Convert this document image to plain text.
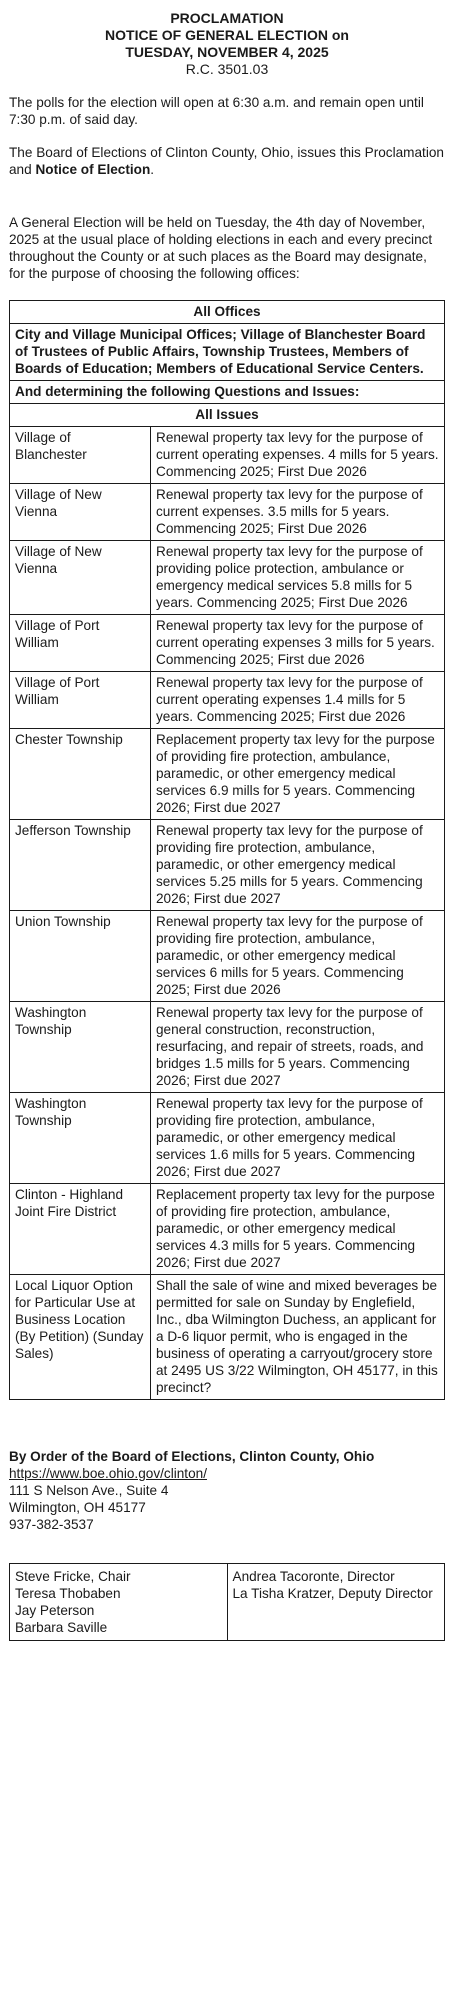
PROCLAMATION
NOTICE OF GENERAL ELECTION on
TUESDAY, NOVEMBER 4, 2025
R.C. 3501.03

The polls for the election will open at 6:30 a.m. and remain open until 7:30 p.m. of said day.

The Board of Elections of Clinton County, Ohio, issues this Proclamation and Notice of Election.

A General Election will be held on Tuesday, the 4th day of November, 2025 at the usual place of holding elections in each and every precinct throughout the County or at such places as the Board may designate, for the purpose of choosing the following offices:

All Offices	
City and Village Municipal Offices; Village of Blanchester Board of Trustees of Public Affairs, Township Trustees, Members of Boards of Education; Members of Educational Service Centers.	
And determining the following Questions and Issues:	
All Issues	
Village of Blanchester	Renewal property tax levy for the purpose of current operating expenses. 4 mills for 5 years. Commencing 2025; First Due 2026
Village of New Vienna	Renewal property tax levy for the purpose of current expenses. 3.5 mills for 5 years. Commencing 2025; First Due 2026
Village of New Vienna	Renewal property tax levy for the purpose of providing police protection, ambulance or emergency medical services 5.8 mills for 5 years. Commencing 2025; First Due 2026
Village of Port William	Renewal property tax levy for the purpose of current operating expenses 3 mills for 5 years. Commencing 2025; First due 2026
Village of Port William	Renewal property tax levy for the purpose of current operating expenses 1.4 mills for 5 years. Commencing 2025; First due 2026
Chester Township	Replacement property tax levy for the purpose of providing fire protection, ambulance, paramedic, or other emergency medical services 6.9 mills for 5 years. Commencing 2026; First due 2027
Jefferson Township	Renewal property tax levy for the purpose of providing fire protection, ambulance, paramedic, or other emergency medical services 5.25 mills for 5 years. Commencing 2026; First due 2027
Union Township	Renewal property tax levy for the purpose of providing fire protection, ambulance, paramedic, or other emergency medical services 6 mills for 5 years. Commencing 2025; First due 2026
Washington Township	Renewal property tax levy for the purpose of general construction, reconstruction, resurfacing, and repair of streets, roads, and bridges 1.5 mills for 5 years. Commencing 2026; First due 2027
Washington Township	Renewal property tax levy for the purpose of providing fire protection, ambulance, paramedic, or other emergency medical services 1.6 mills for 5 years. Commencing 2026; First due 2027
Clinton - Highland Joint Fire District	Replacement property tax levy for the purpose of providing fire protection, ambulance, paramedic, or other emergency medical services 4.3 mills for 5 years. Commencing 2026; First due 2027
Local Liquor Option for Particular Use at Business Location (By Petition) (Sunday Sales)	Shall the sale of wine and mixed beverages be permitted for sale on Sunday by Englefield, Inc., dba Wilmington Duchess, an applicant for a D-6 liquor permit, who is engaged in the business of operating a carryout/grocery store at 2495 US 3/22 Wilmington, OH 45177, in this precinct?
By Order of the Board of Elections, Clinton County, Ohio
https://www.boe.ohio.gov/clinton/
111 S Nelson Ave., Suite 4
Wilmington, OH 45177
937-382-3537
Steve Fricke, Chair
Teresa Thobaben
Jay Peterson
Barbara Saville

Andrea Tacoronte, Director
La Tisha Kratzer, Deputy Director
